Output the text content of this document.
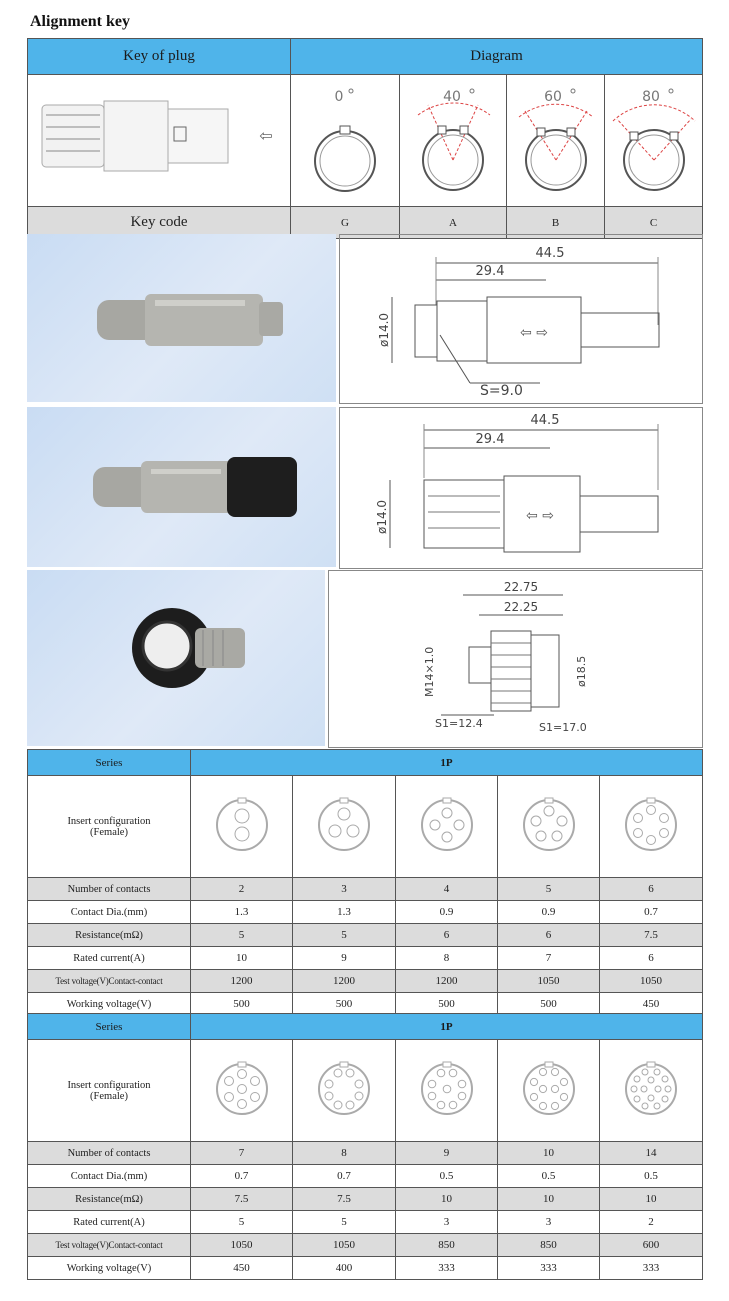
Alignment key
Key of plug	Diagram			

⇦	0	40	60	80

Key code	G	A	B	C
44.5
29.4
⇦ ⇨
ø14.0
S=9.0
44.5
29.4
⇦ ⇨
ø14.0
22.75
22.25
M14×1.0	ø18.5
S1=12.4	S1=17.0
Series	1P				

Insert configuration
(Female)

Number of contacts	2	3	4	5	6
Contact Dia.(mm)	1.3	1.3	0.9	0.9	0.7
Resistance(mΩ)	5	5	6	6	7.5
Rated current(A)	10	9	8	7	6
Test voltage(V)Contact-contact	1200	1200	1200	1050	1050
Working voltage(V)	500	500	500	500	450
Series	1P				

Insert configuration
(Female)

Number of contacts	7	8	9	10	14
Contact Dia.(mm)	0.7	0.7	0.5	0.5	0.5
Resistance(mΩ)	7.5	7.5	10	10	10
Rated current(A)	5	5	3	3	2
Test voltage(V)Contact-contact	1050	1050	850	850	600
Working voltage(V)	450	400	333	333	333
